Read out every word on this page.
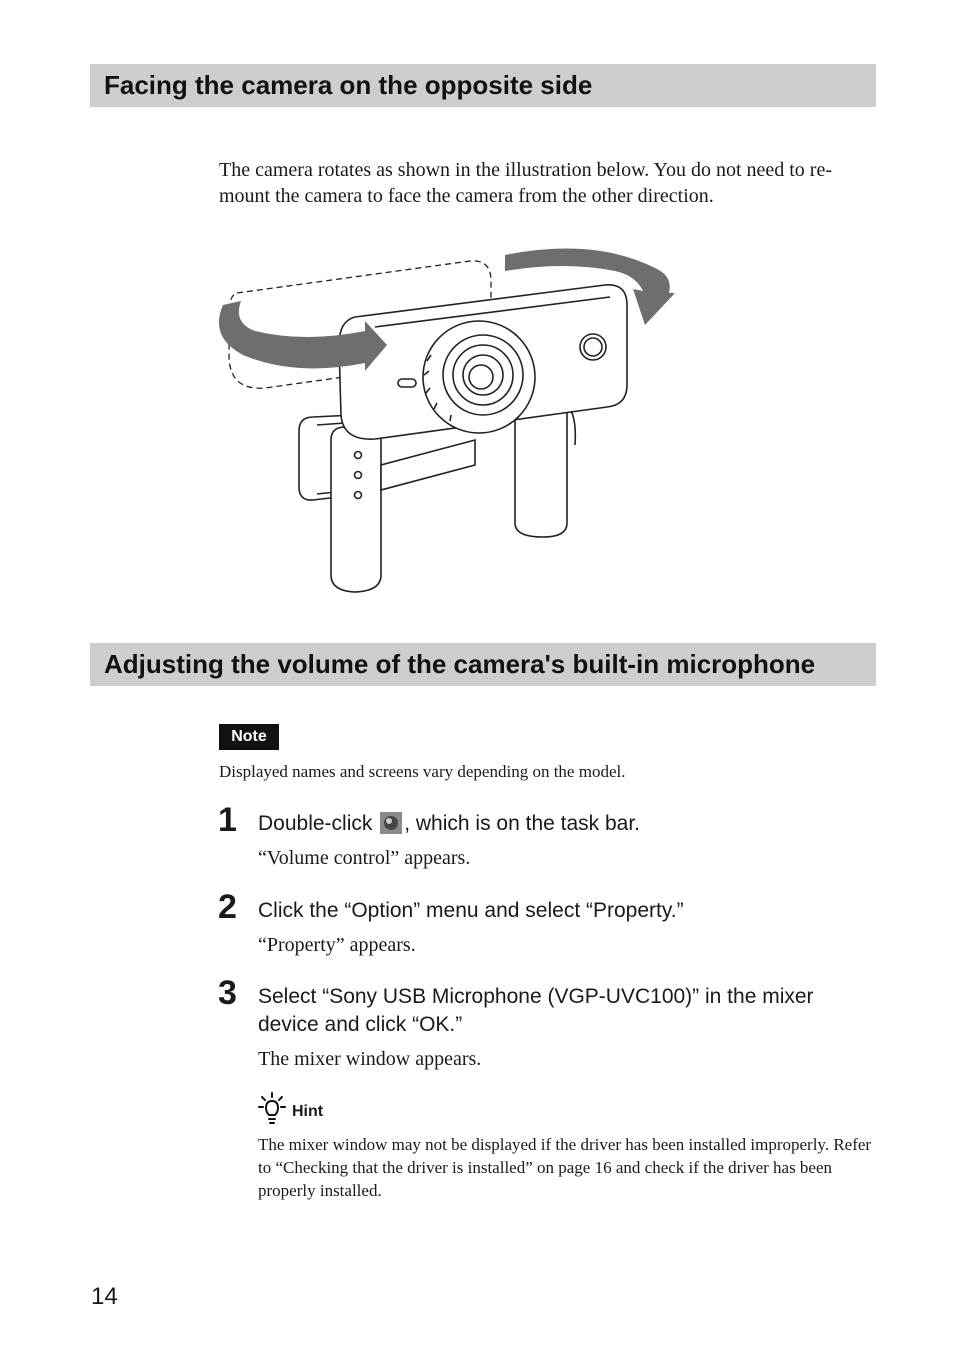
Facing the camera on the opposite side

The camera rotates as shown in the illustration below. You do not need to re-mount the camera to face the camera from the other direction.

Adjusting the volume of the camera's built-in microphone
Note

Displayed names and screens vary depending on the model.

1 Double-click , which is on the task bar.

“Volume control” appears.

2 Click the “Option” menu and select “Property.”

“Property” appears.

3 Select “Sony USB Microphone (VGP-UVC100)” in the mixer device and click “OK.”

The mixer window appears.

Hint

The mixer window may not be displayed if the driver has been installed improperly. Refer to “Checking that the driver is installed” on page 16 and check if the driver has been properly installed.

14
